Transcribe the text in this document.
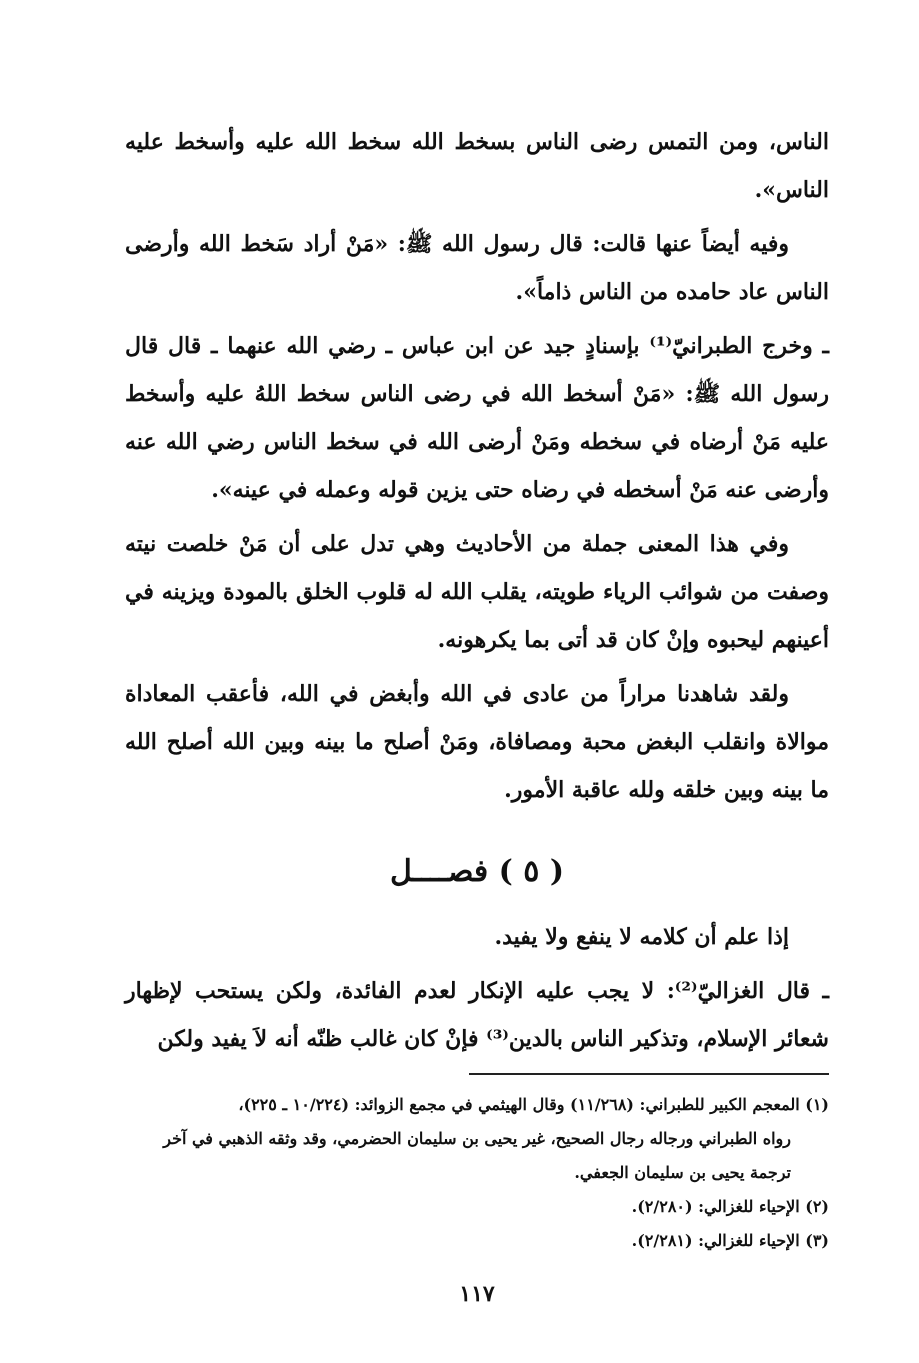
الناس، ومن التمس رضى الناس بسخط الله سخط الله عليه وأسخط عليه الناس».

وفيه أيضاً عنها قالت: قال رسول الله ﷺ: «مَنْ أراد سَخط الله وأرضى الناس عاد حامده من الناس ذاماً».

ـ وخرج الطبرانيّ⁽¹⁾ بإسنادٍ جيد عن ابن عباس ـ رضي الله عنهما ـ قال قال رسول الله ﷺ: «مَنْ أسخط الله في رضى الناس سخط اللهُ عليه وأسخط عليه مَنْ أرضاه في سخطه ومَنْ أرضى الله في سخط الناس رضي الله عنه وأرضى عنه مَنْ أسخطه في رضاه حتى يزين قوله وعمله في عينه».

وفي هذا المعنى جملة من الأحاديث وهي تدل على أن مَنْ خلصت نيته وصفت من شوائب الرياء طويته، يقلب الله له قلوب الخلق بالمودة ويزينه في أعينهم ليحبوه وإنْ كان قد أتى بما يكرهونه.

ولقد شاهدنا مراراً من عادى في الله وأبغض في الله، فأعقب المعاداة موالاة وانقلب البغض محبة ومصافاة، ومَنْ أصلح ما بينه وبين الله أصلح الله ما بينه وبين خلقه ولله عاقبة الأمور.

( ٥ ) فصــــل

إذا علم أن كلامه لا ينفع ولا يفيد.

ـ قال الغزاليّ⁽²⁾: لا يجب عليه الإنكار لعدم الفائدة، ولكن يستحب لإظهار شعائر الإسلام، وتذكير الناس بالدين⁽³⁾ فإنْ كان غالب ظنّه أنه لاَ يفيد ولكن

(١) المعجم الكبير للطبراني: (١١/٢٦٨) وقال الهيثمي في مجمع الزوائد: (١٠/٢٢٤ ـ ٢٢٥)،

رواه الطبراني ورجاله رجال الصحيح، غير يحيى بن سليمان الحضرمي، وقد وثقه الذهبي في آخر

ترجمة يحيى بن سليمان الجعفي.

(٢) الإحياء للغزالي: (٢/٢٨٠).

(٣) الإحياء للغزالي: (٢/٢٨١).

١١٧
